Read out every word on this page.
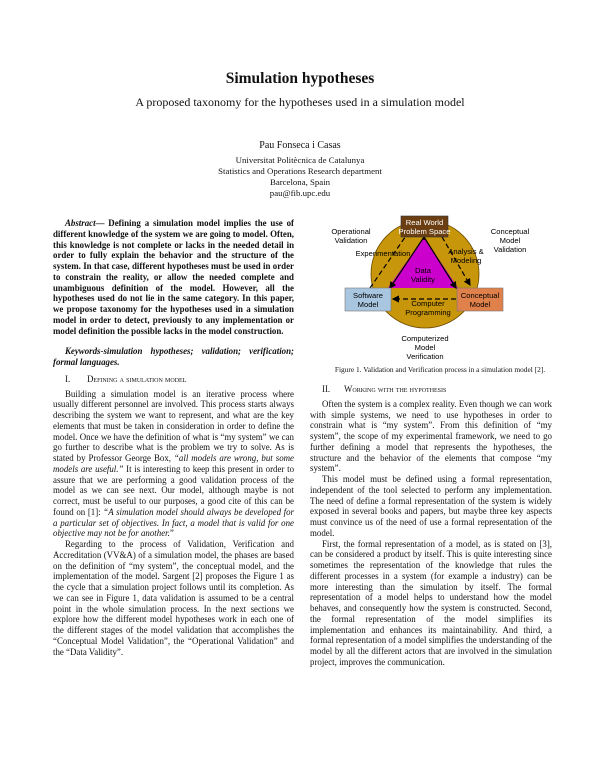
Simulation hypotheses
A proposed taxonomy for the hypotheses used in a simulation model
Pau Fonseca i Casas
Universitat Politècnica de Catalunya
Statistics and Operations Research department
Barcelona, Spain
pau@fib.upc.edu

Abstract— Defining a simulation model implies the use of different knowledge of the system we are going to model. Often, this knowledge is not complete or lacks in the needed detail in order to fully explain the behavior and the structure of the system. In that case, different hypotheses must be used in order to constrain the reality, or allow the needed complete and unambiguous definition of the model. However, all the hypotheses used do not lie in the same category. In this paper, we propose taxonomy for the hypotheses used in a simulation model in order to detect, previously to any implementation or model definition the possible lacks in the model construction.

Keywords-simulation hypotheses; validation; verification; formal languages.

I. Defining a simulation model

Building a simulation model is an iterative process where usually different personnel are involved. This process starts always describing the system we want to represent, and what are the key elements that must be taken in consideration in order to define the model. Once we have the definition of what is “my system” we can go further to describe what is the problem we try to solve. As is stated by Professor George Box, “all models are wrong, but some models are useful.” It is interesting to keep this present in order to assure that we are performing a good validation process of the model as we can see next. Our model, although maybe is not correct, must be useful to our purposes, a good cite of this can be found on [1]: “A simulation model should always be developed for a particular set of objectives. In fact, a model that is valid for one objective may not be for another.”

Regarding to the process of Validation, Verification and Accreditation (VV&A) of a simulation model, the phases are based on the definition of “my system”, the conceptual model, and the implementation of the model. Sargent [2] proposes the Figure 1 as the cycle that a simulation project follows until its completion. As we can see in Figure 1, data validation is assumed to be a central point in the whole simulation process. In the next sections we explore how the different model hypotheses work in each one of the different stages of the model validation that accomplishes the “Conceptual Model Validation”, the “Operational Validation” and the “Data Validity”.

Real World
Problem Space
Software
Model
Conceptual
Model
Operational
Validation
Conceptual
Model
Validation
Experimentation	Analysis &
Modeling
Data
Validity
Computer
Programming
Computerized
Model
Verification
Figure 1. Validation and Verification process in a simulation model [2].
II. Working with the hypothesis

Often the system is a complex reality. Even though we can work with simple systems, we need to use hypotheses in order to constrain what is “my system”. From this definition of “my system”, the scope of my experimental framework, we need to go further defining a model that represents the hypotheses, the structure and the behavior of the elements that compose “my system”.

This model must be defined using a formal representation, independent of the tool selected to perform any implementation. The need of define a formal representation of the system is widely exposed in several books and papers, but maybe three key aspects must convince us of the need of use a formal representation of the model.

First, the formal representation of a model, as is stated on [3], can be considered a product by itself. This is quite interesting since sometimes the representation of the knowledge that rules the different processes in a system (for example a industry) can be more interesting than the simulation by itself. The formal representation of a model helps to understand how the model behaves, and consequently how the system is constructed. Second, the formal representation of the model simplifies its implementation and enhances its maintainability. And third, a formal representation of a model simplifies the understanding of the model by all the different actors that are involved in the simulation project, improves the communication.
